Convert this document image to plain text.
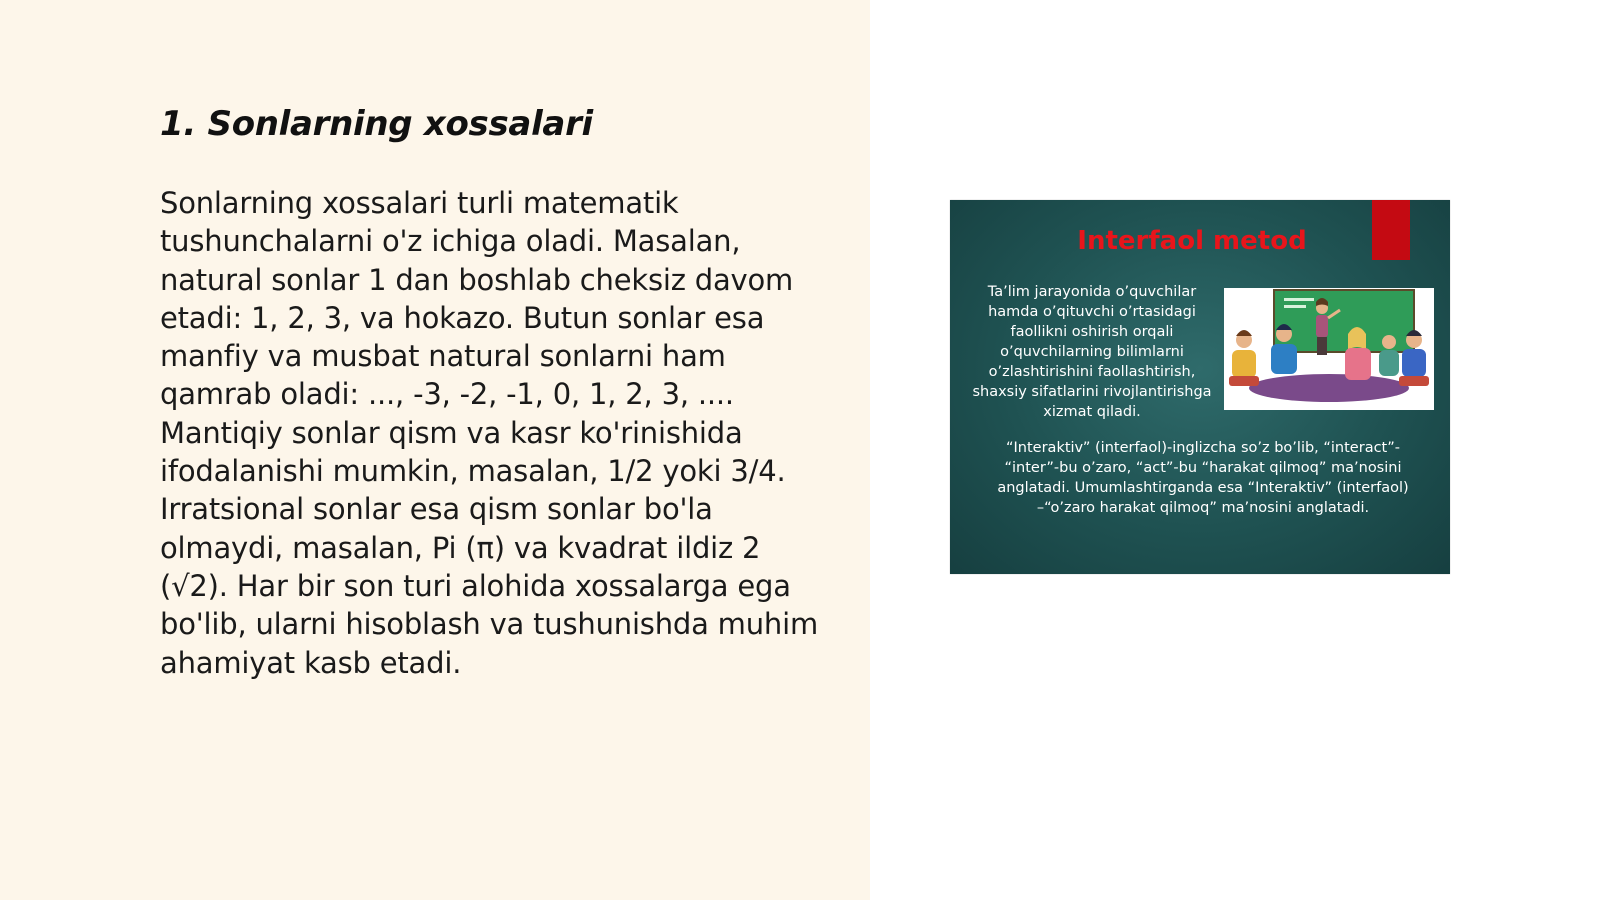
1. Sonlarning xossalari

Sonlarning xossalari turli matematik tushunchalarni o'z ichiga oladi. Masalan, natural sonlar 1 dan boshlab cheksiz davom etadi: 1, 2, 3, va hokazo. Butun sonlar esa manfiy va musbat natural sonlarni ham qamrab oladi: ..., -3, -2, -1, 0, 1, 2, 3, .... Mantiqiy sonlar qism va kasr ko'rinishida ifodalanishi mumkin, masalan, 1/2 yoki 3/4. Irratsional sonlar esa qism sonlar bo'la olmaydi, masalan, Pi (π) va kvadrat ildiz 2 (√2). Har bir son turi alohida xossalarga ega bo'lib, ularni hisoblash va tushunishda muhim ahamiyat kasb etadi.

Interfaol metod
Ta’lim jarayonida o’quvchilar hamda o’qituvchi o’rtasidagi faollikni oshirish orqali o’quvchilarning bilimlarni o’zlashtirishini faollashtirish, shaxsiy sifatlarini rivojlantirishga xizmat qiladi.
“Interaktiv” (interfaol)-inglizcha so’z bo’lib, “interact”- “inter”-bu o’zaro, “act”-bu “harakat qilmoq” ma’nosini anglatadi. Umumlashtirganda esa “Interaktiv” (interfaol) –“o’zaro harakat qilmoq” ma’nosini anglatadi.
